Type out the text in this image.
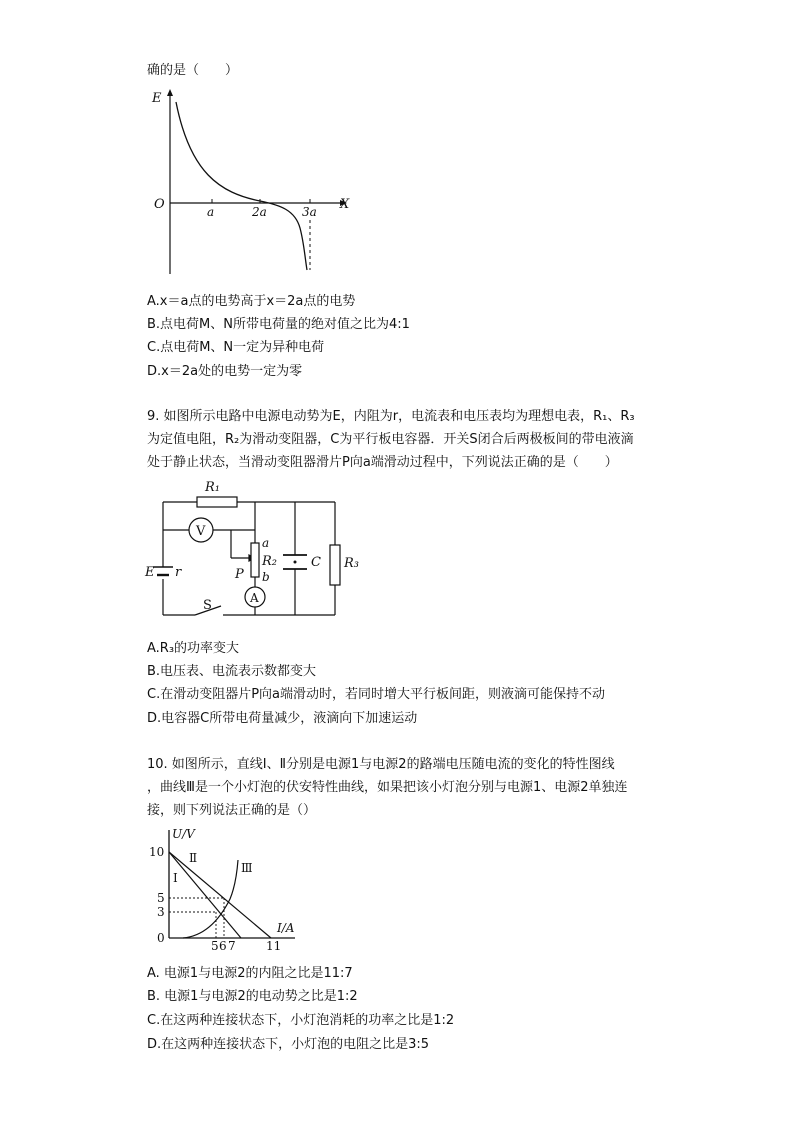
确的是（　　）
E
X
O	a	2a	3a
A.x＝a点的电势高于x＝2a点的电势
B.点电荷M、N所带电荷量的绝对值之比为4:1
C.点电荷M、N一定为异种电荷
D.x＝2a处的电势一定为零
9. 如图所示电路中电源电动势为E，内阻为r，电流表和电压表均为理想电表，R₁、R₃
为定值电阻，R₂为滑动变阻器，C为平行板电容器．开关S闭合后两极板间的带电液滴
处于静止状态，当滑动变阻器滑片P向a端滑动过程中，下列说法正确的是（　　）
R₁
V
a
R₂
b
P
A
C R₃
E r
S
A.R₃的功率变大
B.电压表、电流表示数都变大
C.在滑动变阻器片P向a端滑动时，若同时增大平行板间距，则液滴可能保持不动
D.电容器C所带电荷量减少，液滴向下加速运动
10. 如图所示，直线Ⅰ、Ⅱ分别是电源1与电源2的路端电压随电流的变化的特性图线
，曲线Ⅲ是一个小灯泡的伏安特性曲线，如果把该小灯泡分别与电源1、电源2单独连
接，则下列说法正确的是（）
U/V
I/A
10
5
3
0
5 6 7	11
Ⅰ
Ⅱ
Ⅲ
A. 电源1与电源2的内阻之比是11:7
B. 电源1与电源2的电动势之比是1:2
C.在这两种连接状态下，小灯泡消耗的功率之比是1:2
D.在这两种连接状态下，小灯泡的电阻之比是3:5
